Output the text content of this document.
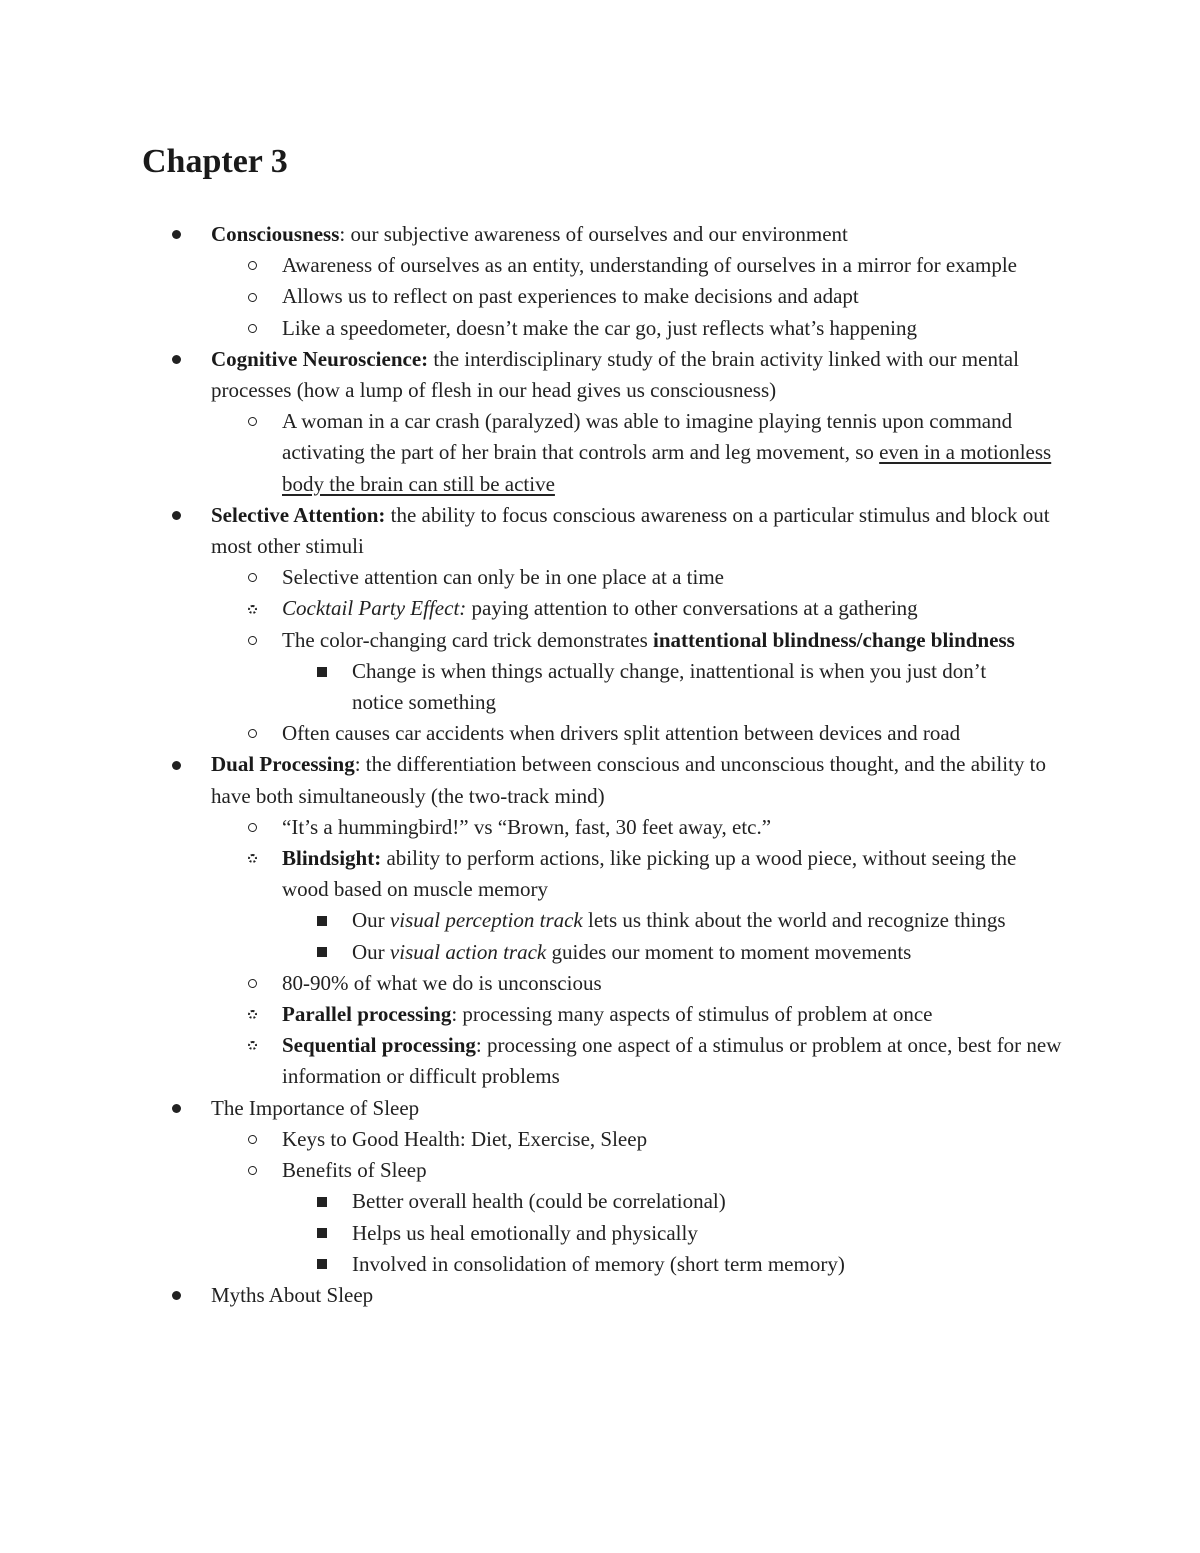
Chapter 3
Consciousness: our subjective awareness of ourselves and our environment
Awareness of ourselves as an entity, understanding of ourselves in a mirror for example
Allows us to reflect on past experiences to make decisions and adapt
Like a speedometer, doesn’t make the car go, just reflects what’s happening
Cognitive Neuroscience: the interdisciplinary study of the brain activity linked with our mental processes (how a lump of flesh in our head gives us consciousness)
A woman in a car crash (paralyzed) was able to imagine playing tennis upon command activating the part of her brain that controls arm and leg movement, so even in a motionless body the brain can still be active
Selective Attention: the ability to focus conscious awareness on a particular stimulus and block out most other stimuli
Selective attention can only be in one place at a time
Cocktail Party Effect: paying attention to other conversations at a gathering
The color-changing card trick demonstrates inattentional blindness/change blindness
Change is when things actually change, inattentional is when you just don’t notice something
Often causes car accidents when drivers split attention between devices and road
Dual Processing: the differentiation between conscious and unconscious thought, and the ability to have both simultaneously (the two-track mind)
“It’s a hummingbird!” vs “Brown, fast, 30 feet away, etc.”
Blindsight: ability to perform actions, like picking up a wood piece, without seeing the wood based on muscle memory
Our visual perception track lets us think about the world and recognize things
Our visual action track guides our moment to moment movements
80-90% of what we do is unconscious
Parallel processing: processing many aspects of stimulus of problem at once
Sequential processing: processing one aspect of a stimulus or problem at once, best for new information or difficult problems
The Importance of Sleep
Keys to Good Health: Diet, Exercise, Sleep
Benefits of Sleep
Better overall health (could be correlational)
Helps us heal emotionally and physically
Involved in consolidation of memory (short term memory)
Myths About Sleep
